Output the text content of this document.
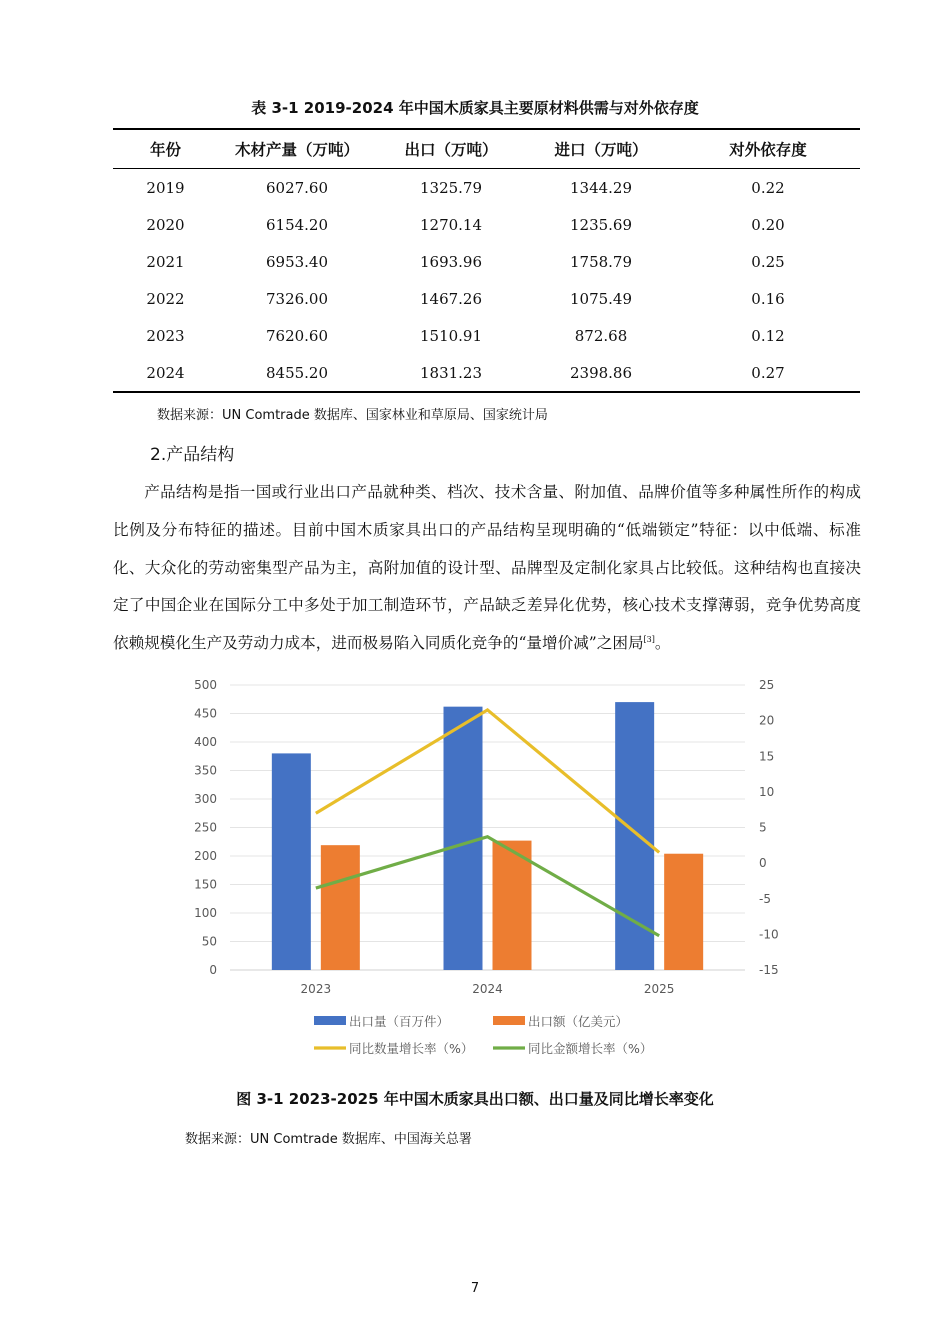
表 3-1 2019-2024 年中国木质家具主要原材料供需与对外依存度
年份	木材产量（万吨）	出口（万吨）	进口（万吨）	对外依存度
2019	6027.60	1325.79	1344.29	0.22
2020	6154.20	1270.14	1235.69	0.20
2021	6953.40	1693.96	1758.79	0.25
2022	7326.00	1467.26	1075.49	0.16
2023	7620.60	1510.91	872.68	0.12
2024	8455.20	1831.23	2398.86	0.27
数据来源：UN Comtrade 数据库、国家林业和草原局、国家统计局
2.产品结构

产品结构是指一国或行业出口产品就种类、档次、技术含量、附加值、品牌价值等多种属性所作的构成比例及分布特征的描述。目前中国木质家具出口的产品结构呈现明确的“低端锁定”特征：以中低端、标准化、大众化的劳动密集型产品为主，高附加值的设计型、品牌型及定制化家具占比较低。这种结构也直接决定了中国企业在国际分工中多处于加工制造环节，产品缺乏差异化优势，核心技术支撑薄弱，竞争优势高度依赖规模化生产及劳动力成本，进而极易陷入同质化竞争的“量增价减”之困局[3]。

0
50
100
150
200
250
300
350
400
450
500
-15
-10
-5
0
5
10
15
20
25
2023	2024	2025
出口量（百万件）	出口额（亿美元）
同比数量增长率（%）	同比金额增长率（%）
图 3-1 2023-2025 年中国木质家具出口额、出口量及同比增长率变化
数据来源：UN Comtrade 数据库、中国海关总署
7
